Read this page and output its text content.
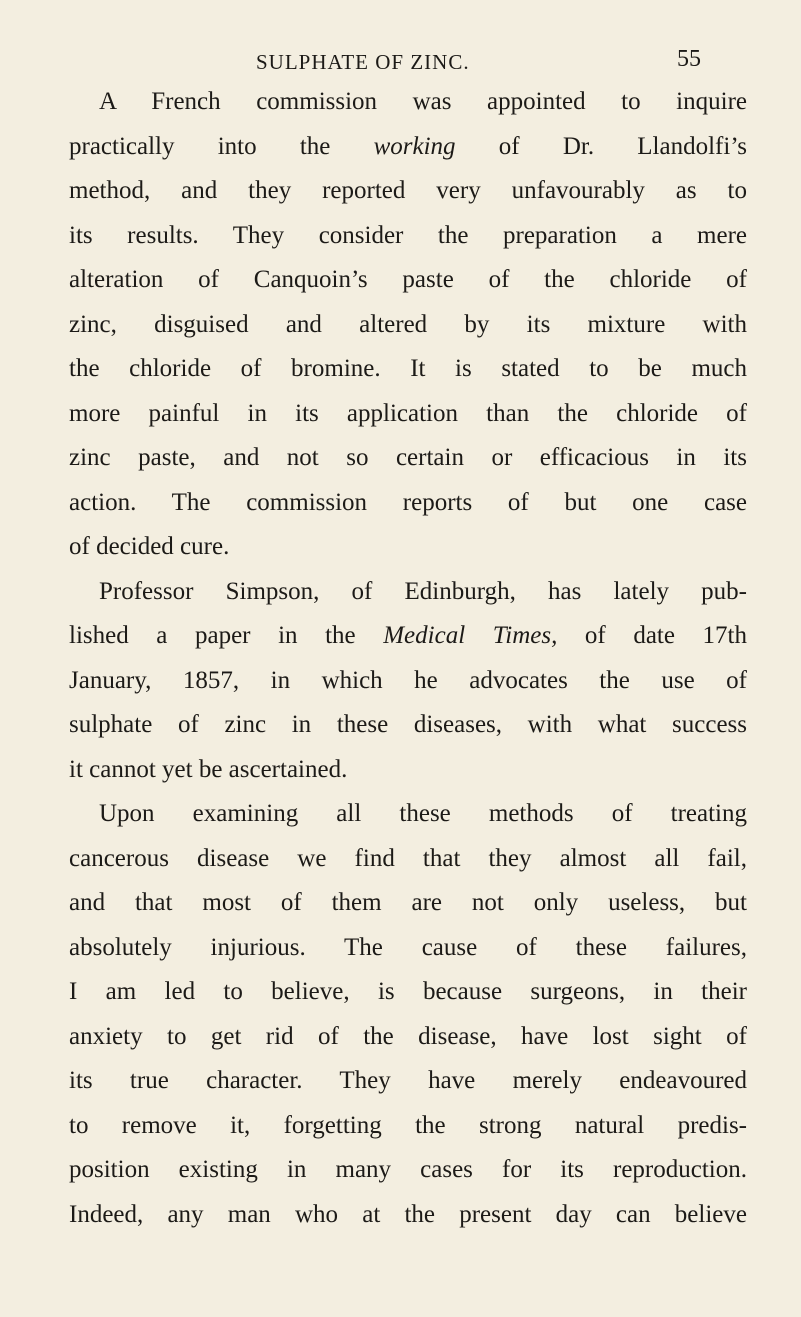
SULPHATE OF ZINC.	55
A French commission was appointed to inquire
practically into the working of Dr. Llandolfi’s
method, and they reported very unfavourably as to
its results. They consider the preparation a mere
alteration of Canquoin’s paste of the chloride of
zinc, disguised and altered by its mixture with
the chloride of bromine. It is stated to be much
more painful in its application than the chloride of
zinc paste, and not so certain or efficacious in its
action. The commission reports of but one case
of decided cure.
Professor Simpson, of Edinburgh, has lately pub-
lished a paper in the Medical Times, of date 17th
January, 1857, in which he advocates the use of
sulphate of zinc in these diseases, with what success
it cannot yet be ascertained.
Upon examining all these methods of treating
cancerous disease we find that they almost all fail,
and that most of them are not only useless, but
absolutely injurious. The cause of these failures,
I am led to believe, is because surgeons, in their
anxiety to get rid of the disease, have lost sight of
its true character. They have merely endeavoured
to remove it, forgetting the strong natural predis-
position existing in many cases for its reproduction.
Indeed, any man who at the present day can believe
